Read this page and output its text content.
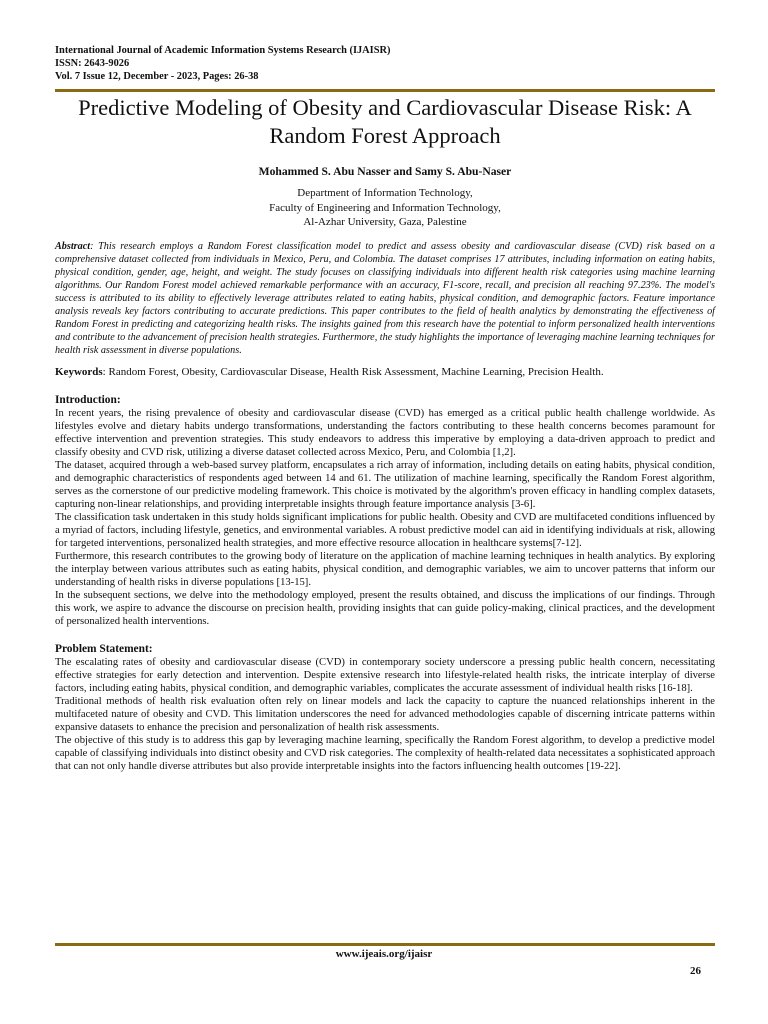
International Journal of Academic Information Systems Research (IJAISR)
ISSN: 2643-9026
Vol. 7 Issue 12, December - 2023, Pages: 26-38
Predictive Modeling of Obesity and Cardiovascular Disease Risk: A Random Forest Approach
Mohammed S. Abu Nasser and Samy S. Abu-Naser
Department of Information Technology,
Faculty of Engineering and Information Technology,
Al-Azhar University, Gaza, Palestine
Abstract: This research employs a Random Forest classification model to predict and assess obesity and cardiovascular disease (CVD) risk based on a comprehensive dataset collected from individuals in Mexico, Peru, and Colombia. The dataset comprises 17 attributes, including information on eating habits, physical condition, gender, age, height, and weight. The study focuses on classifying individuals into different health risk categories using machine learning algorithms. Our Random Forest model achieved remarkable performance with an accuracy, F1-score, recall, and precision all reaching 97.23%. The model's success is attributed to its ability to effectively leverage attributes related to eating habits, physical condition, and demographic factors. Feature importance analysis reveals key factors contributing to accurate predictions. This paper contributes to the field of health analytics by demonstrating the effectiveness of Random Forest in predicting and categorizing health risks. The insights gained from this research have the potential to inform personalized health interventions and contribute to the advancement of precision health strategies. Furthermore, the study highlights the importance of leveraging machine learning techniques for health risk assessment in diverse populations.
Keywords: Random Forest, Obesity, Cardiovascular Disease, Health Risk Assessment, Machine Learning, Precision Health.
Introduction:

In recent years, the rising prevalence of obesity and cardiovascular disease (CVD) has emerged as a critical public health challenge worldwide. As lifestyles evolve and dietary habits undergo transformations, understanding the factors contributing to these health concerns becomes paramount for effective intervention and prevention strategies. This study endeavors to address this imperative by employing a data-driven approach to predict and classify obesity and CVD risk, utilizing a diverse dataset collected across Mexico, Peru, and Colombia [1,2].

The dataset, acquired through a web-based survey platform, encapsulates a rich array of information, including details on eating habits, physical condition, and demographic characteristics of respondents aged between 14 and 61. The utilization of machine learning, specifically the Random Forest algorithm, serves as the cornerstone of our predictive modeling framework. This choice is motivated by the algorithm's proven efficacy in handling complex datasets, capturing non-linear relationships, and providing interpretable insights through feature importance analysis [3-6].

The classification task undertaken in this study holds significant implications for public health. Obesity and CVD are multifaceted conditions influenced by a myriad of factors, including lifestyle, genetics, and environmental variables. A robust predictive model can aid in identifying individuals at risk, allowing for targeted interventions, personalized health strategies, and more effective resource allocation in healthcare systems[7-12].

Furthermore, this research contributes to the growing body of literature on the application of machine learning techniques in health analytics. By exploring the interplay between various attributes such as eating habits, physical condition, and demographic variables, we aim to uncover patterns that inform our understanding of health risks in diverse populations [13-15].

In the subsequent sections, we delve into the methodology employed, present the results obtained, and discuss the implications of our findings. Through this work, we aspire to advance the discourse on precision health, providing insights that can guide policy-making, clinical practices, and the development of personalized health interventions.

Problem Statement:

The escalating rates of obesity and cardiovascular disease (CVD) in contemporary society underscore a pressing public health concern, necessitating effective strategies for early detection and intervention. Despite extensive research into lifestyle-related health risks, the intricate interplay of diverse factors, including eating habits, physical condition, and demographic variables, complicates the accurate assessment of individual health risks [16-18].

Traditional methods of health risk evaluation often rely on linear models and lack the capacity to capture the nuanced relationships inherent in the multifaceted nature of obesity and CVD. This limitation underscores the need for advanced methodologies capable of discerning intricate patterns within expansive datasets to enhance the precision and personalization of health risk assessments.

The objective of this study is to address this gap by leveraging machine learning, specifically the Random Forest algorithm, to develop a predictive model capable of classifying individuals into distinct obesity and CVD risk categories. The complexity of health-related data necessitates a sophisticated approach that can not only handle diverse attributes but also provide interpretable insights into the factors influencing health outcomes [19-22].

www.ijeais.org/ijaisr
26
